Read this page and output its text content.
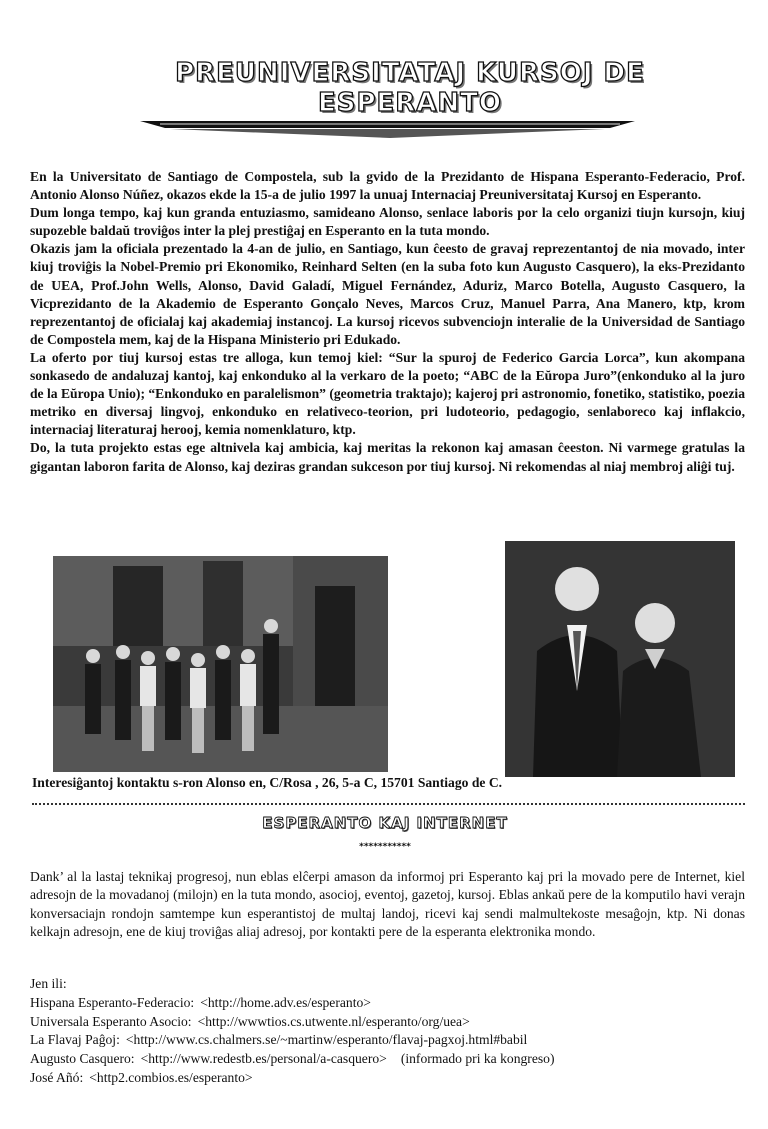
PREUNIVERSITATAJ KURSOJ DE ESPERANTO

En la Universitato de Santiago de Compostela, sub la gvido de la Prezidanto de Hispana Esperanto-Federacio, Prof. Antonio Alonso Núñez, okazos ekde la 15-a de julio 1997 la unuaj Internaciaj Preuniversitataj Kursoj en Esperanto.

Dum longa tempo, kaj kun granda entuziasmo, samideano Alonso, senlace laboris por la celo organizi tiujn kursojn, kiuj supozeble baldaŭ troviĝos inter la plej prestiĝaj en Esperanto en la tuta mondo.

Okazis jam la oficiala prezentado la 4-an de julio, en Santiago, kun ĉeesto de gravaj reprezentantoj de nia movado, inter kiuj troviĝis la Nobel-Premio pri Ekonomiko, Reinhard Selten (en la suba foto kun Augusto Casquero), la eks-Prezidanto de UEA, Prof.John Wells, Alonso, David Galadí, Miguel Fernández, Aduriz, Marco Botella, Augusto Casquero, la Vicprezidanto de la Akademio de Esperanto Gonçalo Neves, Marcos Cruz, Manuel Parra, Ana Manero, ktp, krom reprezentantoj de oficialaj kaj akademiaj instancoj. La kursoj ricevos subvenciojn interalie de la Universidad de Santiago de Compostela mem, kaj de la Hispana Ministerio pri Edukado.

La oferto por tiuj kursoj estas tre alloga, kun temoj kiel: “Sur la spuroj de Federico Garcia Lorca”, kun akompana sonkasedo de andaluzaj kantoj, kaj enkonduko al la verkaro de la poeto; “ABC de la Eŭropa Juro”(enkonduko al la juro de la Eŭropa Unio); “Enkonduko en paralelismon” (geometria traktajo); kajeroj pri astronomio, fonetiko, statistiko, poezia metriko en diversaj lingvoj, enkonduko en relativeco-teorion, pri ludoteorio, pedagogio, senlaboreco kaj inflakcio, internaciaj literaturaj herooj, kemia nomenklaturo, ktp.

Do, la tuta projekto estas ege altnivela kaj ambicia, kaj meritas la rekonon kaj amasan ĉeeston. Ni varmege gratulas la gigantan laboron farita de Alonso, kaj deziras grandan sukceson por tiuj kursoj. Ni rekomendas al niaj membroj aliĝi tuj.

Interesiĝantoj kontaktu s-ron Alonso en, C/Rosa , 26, 5-a C, 15701 Santiago de C.
ESPERANTO KAJ INTERNET
***********

Dank’ al la lastaj teknikaj progresoj, nun eblas elĉerpi amason da informoj pri Esperanto kaj pri la movado pere de Internet, kiel adresojn de la movadanoj (milojn) en la tuta mondo, asocioj, eventoj, gazetoj, kursoj. Eblas ankaŭ pere de la komputilo havi verajn konversaciajn rondojn samtempe kun esperantistoj de multaj landoj, ricevi kaj sendi malmultekoste mesaĝojn, ktp. Ni donas kelkajn adresojn, ene de kiuj troviĝas aliaj adresoj, por kontakti pere de la esperanta elektronika mondo.

Jen ili:
Hispana Esperanto-Federacio: <http://home.adv.es/esperanto>
Universala Esperanto Asocio: <http://wwwtios.cs.utwente.nl/esperanto/org/uea>
La Flavaj Paĝoj: <http://www.cs.chalmers.se/~martinw/esperanto/flavaj-pagxoj.html#babil
Augusto Casquero: <http://www.redestb.es/personal/a-casquero> (informado pri ka kongreso)
José Añó: <http2.combios.es/esperanto>
